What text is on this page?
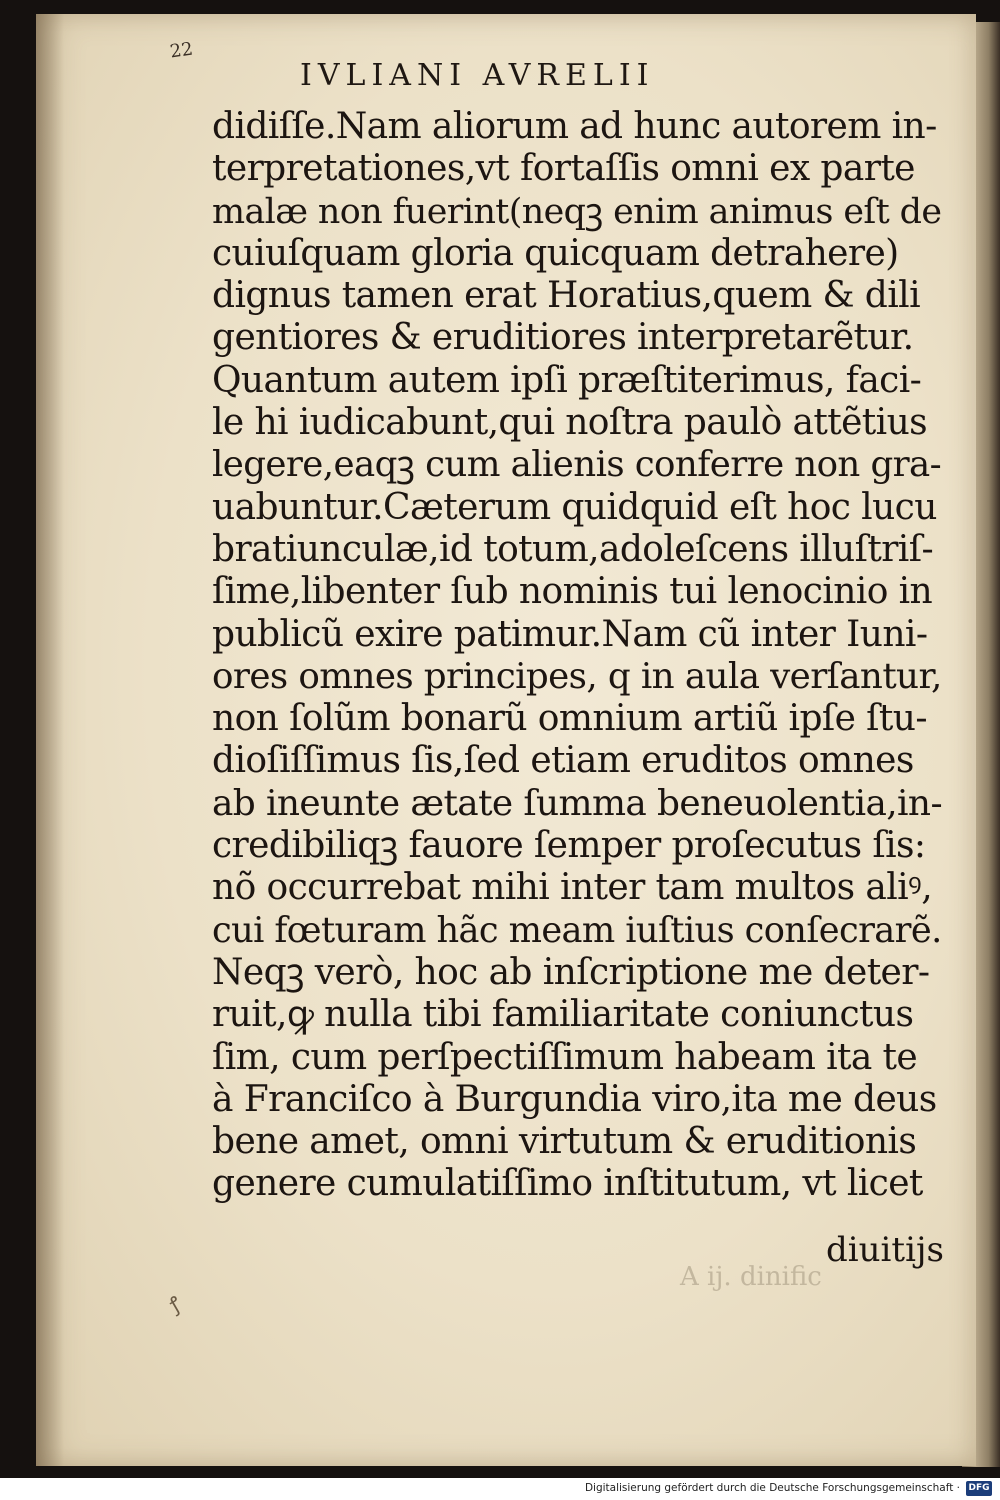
22
ꝭ
IVLIANI AVRELII
didiſſe.Nam aliorum ad hunc autorem in-
terpretationes,vt fortaſſis omni ex parte
malæ non fuerint(neqꝫ enim animus eſt de
cuiuſquam gloria quicquam detrahere)
dignus tamen erat Horatius,quem & dili
gentiores & eruditiores interpretarẽtur.
Quantum autem ipſi præſtiterimus, faci-
le hi iudicabunt,qui noſtra paulò attẽtius
legere,eaqꝫ cum alienis conferre non gra-
uabuntur.Cæterum quidquid eſt hoc lucu
bratiunculæ,id totum,adoleſcens illuſtriſ-
ſime,libenter ſub nominis tui lenocinio in
publicũ exire patimur.Nam cũ inter Iuni-
ores omnes principes, q in aula verſantur,
non ſolũm bonarũ omnium artiũ ipſe ſtu-
dioſiſſimus ſis,ſed etiam eruditos omnes
ab ineunte ætate ſumma beneuolentia,in-
credibiliqꝫ fauore ſemper proſecutus ſis:
nõ occurrebat mihi inter tam multos aliꝰ,
cui fœturam hãc meam iuſtius conſecrarẽ.
Neqꝫ verò, hoc ab inſcriptione me deter-
ruit,ꝙ nulla tibi familiaritate coniunctus
ſim, cum perſpectiſſimum habeam ita te
à Franciſco à Burgundia viro,ita me deus
bene amet, omni virtutum & eruditionis
genere cumulatiſſimo inſtitutum, vt licet
A ij. dinific
diuitijs
Digitalisierung gefördert durch die Deutsche Forschungsgemeinschaft · DFG
